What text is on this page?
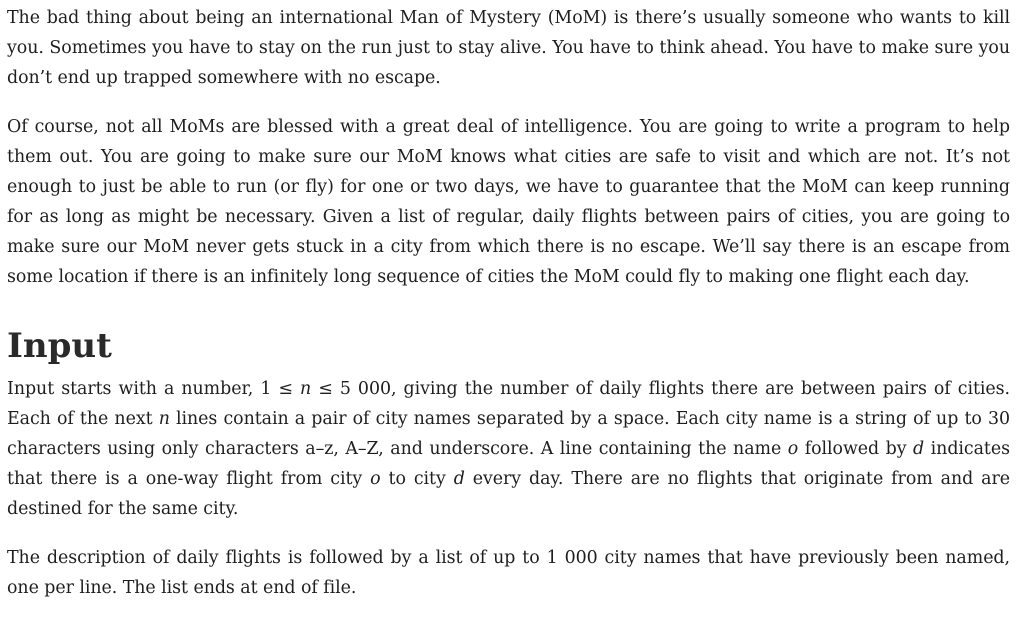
The bad thing about being an international Man of Mystery (MoM) is there’s usually someone who wants to kill you. Sometimes you have to stay on the run just to stay alive. You have to think ahead. You have to make sure you don’t end up trapped somewhere with no escape.

Of course, not all MoMs are blessed with a great deal of intelligence. You are going to write a program to help them out. You are going to make sure our MoM knows what cities are safe to visit and which are not. It’s not enough to just be able to run (or fly) for one or two days, we have to guarantee that the MoM can keep running for as long as might be necessary. Given a list of regular, daily flights between pairs of cities, you are going to make sure our MoM never gets stuck in a city from which there is no escape. We’ll say there is an escape from some location if there is an infinitely long sequence of cities the MoM could fly to making one flight each day.

Input

Input starts with a number, 1 ≤ n ≤ 5 000, giving the number of daily flights there are between pairs of cities. Each of the next n lines contain a pair of city names separated by a space. Each city name is a string of up to 30 characters using only characters a–z, A–Z, and underscore. A line containing the name o followed by d indicates that there is a one-way flight from city o to city d every day. There are no flights that originate from and are destined for the same city.

The description of daily flights is followed by a list of up to 1 000 city names that have previously been named, one per line. The list ends at end of file.
